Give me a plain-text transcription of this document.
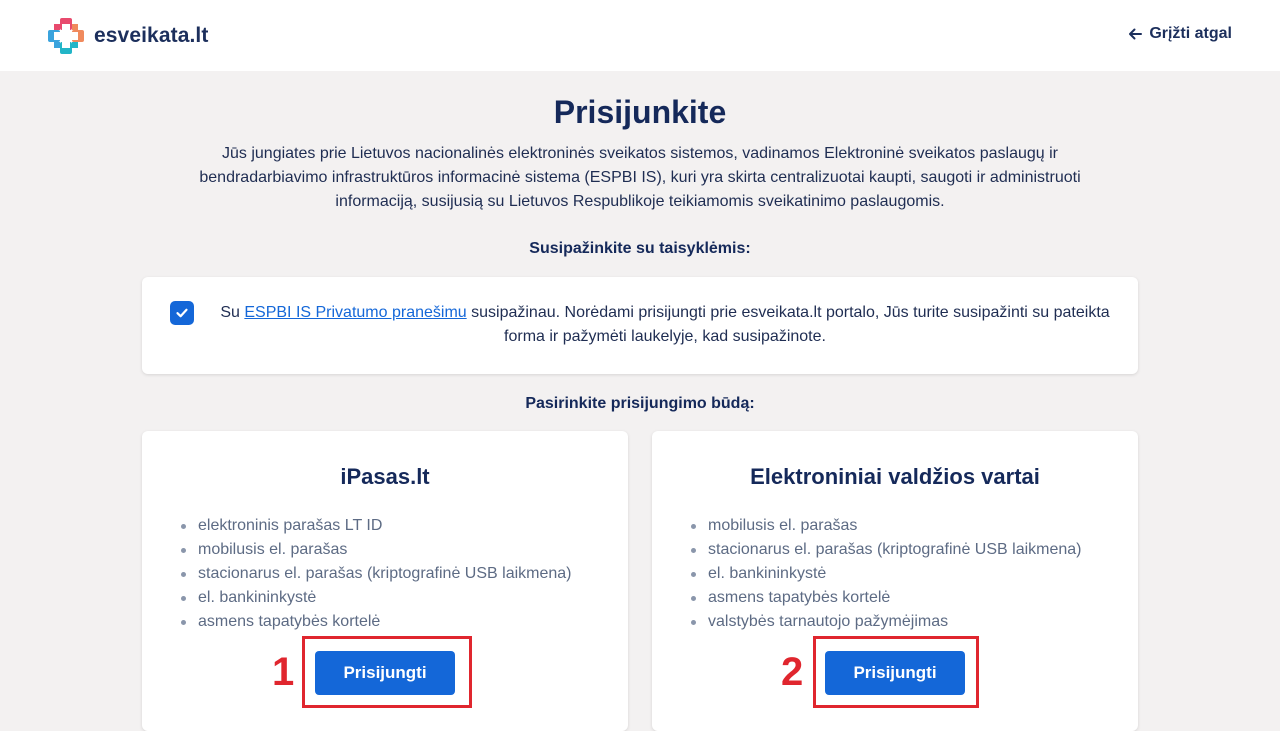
esveikata.lt	Grįžti atgal
Prisijunkite

Jūs jungiates prie Lietuvos nacionalinės elektroninės sveikatos sistemos, vadinamos Elektroninė sveikatos paslaugų ir bendradarbiavimo infrastruktūros informacinė sistema (ESPBI IS), kuri yra skirta centralizuotai kaupti, saugoti ir administruoti informaciją, susijusią su Lietuvos Respublikoje teikiamomis sveikatinimo paslaugomis.

Susipažinkite su taisyklėmis:

Su ESPBI IS Privatumo pranešimu susipažinau. Norėdami prisijungti prie esveikata.lt portalo, Jūs turite susipažinti su pateikta forma ir pažymėti laukelyje, kad susipažinote.

Pasirinkite prisijungimo būdą:

iPasas.lt
elektroninis parašas LT ID
mobilusis el. parašas
stacionarus el. parašas (kriptografinė USB laikmena)
el. bankininkystė
asmens tapatybės kortelė
Prisijungti
Elektroniniai valdžios vartai
mobilusis el. parašas
stacionarus el. parašas (kriptografinė USB laikmena)
el. bankininkystė
asmens tapatybės kortelė
valstybės tarnautojo pažymėjimas
Prisijungti
1	2
